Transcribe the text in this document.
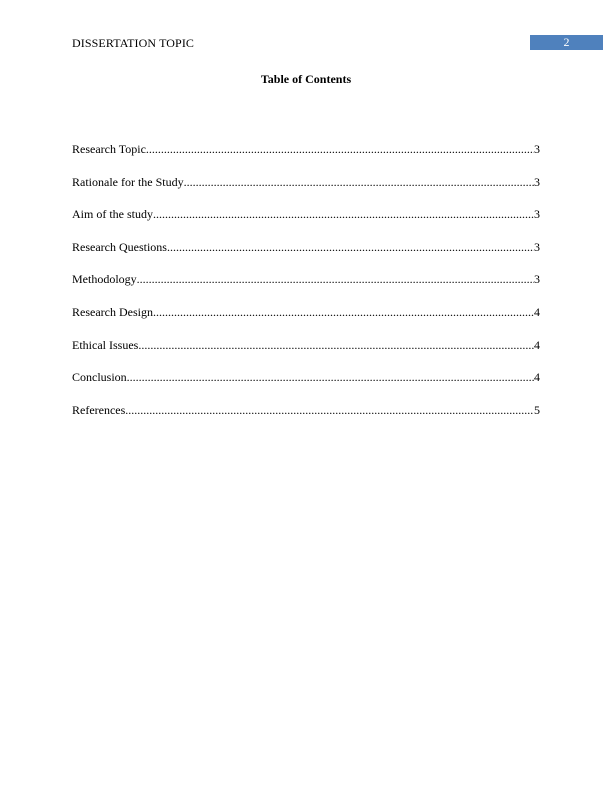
DISSERTATION TOPIC	2
Table of Contents
Research Topic .....	3
Rationale for the Study .....	3
Aim of the study .....	3
Research Questions .....	3
Methodology .....	3
Research Design .....	4
Ethical Issues .....	4
Conclusion .....	4
References .....	5
